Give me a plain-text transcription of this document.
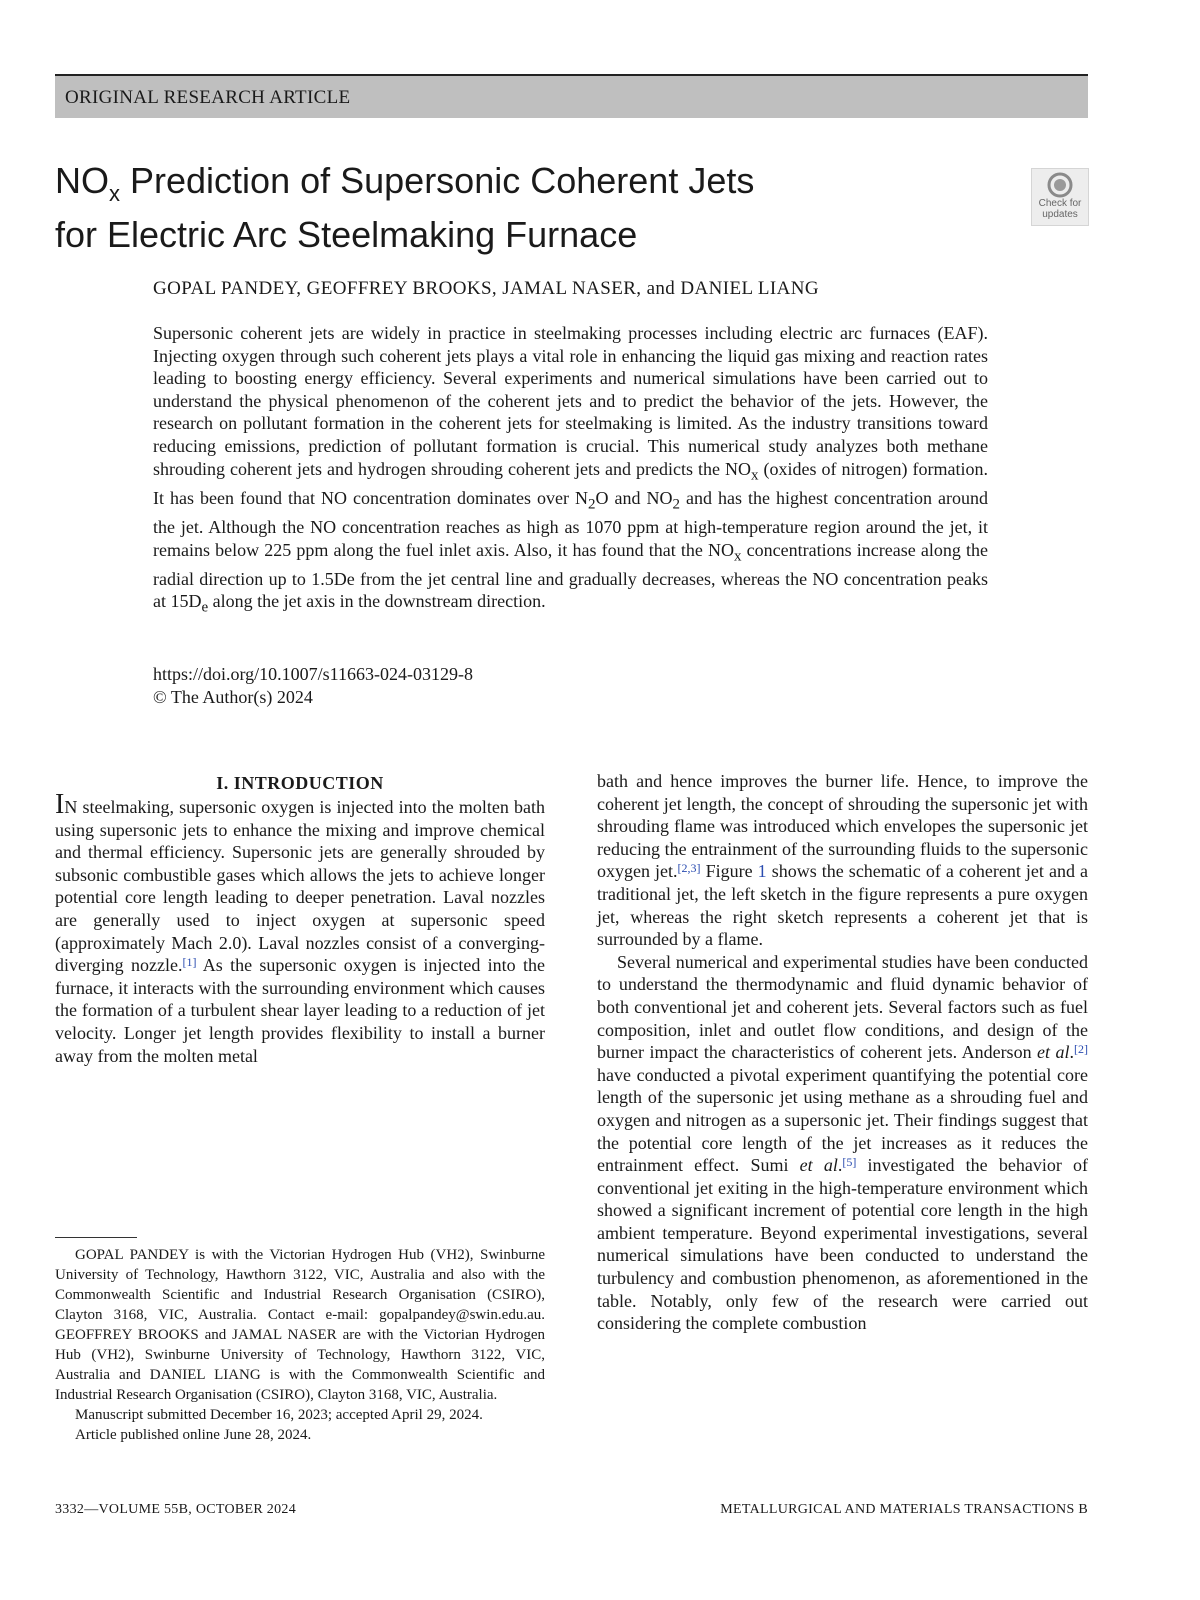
ORIGINAL RESEARCH ARTICLE
$NO_x$ Prediction of Supersonic Coherent Jets
for Electric Arc Steelmaking Furnace
Check for
updates
GOPAL PANDEY, GEOFFREY BROOKS, JAMAL NASER, and DANIEL LIANG

Supersonic coherent jets are widely in practice in steelmaking processes including electric arc furnaces (EAF). Injecting oxygen through such coherent jets plays a vital role in enhancing the liquid gas mixing and reaction rates leading to boosting energy efficiency. Several experiments and numerical simulations have been carried out to understand the physical phenomenon of the coherent jets and to predict the behavior of the jets. However, the research on pollutant formation in the coherent jets for steelmaking is limited. As the industry transitions toward reducing emissions, prediction of pollutant formation is crucial. This numerical study analyzes both methane shrouding coherent jets and hydrogen shrouding coherent jets and predicts the $NO_x$ (oxides of nitrogen) formation. It has been found that NO concentration dominates over $N_2O$ and $NO_2$ and has the highest concentration around the jet. Although the NO concentration reaches as high as 1070 ppm at high-temperature region around the jet, it remains below 225 ppm along the fuel inlet axis. Also, it has found that the $NO_x$ concentrations increase along the radial direction up to 1.5De from the jet central line and gradually decreases, whereas the NO concentration peaks at $15D_e$ along the jet axis in the downstream direction.

https://doi.org/10.1007/s11663-024-03129-8
© The Author(s) 2024
I. INTRODUCTION

IN steelmaking, supersonic oxygen is injected into the molten bath using supersonic jets to enhance the mixing and improve chemical and thermal efficiency. Supersonic jets are generally shrouded by subsonic combustible gases which allows the jets to achieve longer potential core length leading to deeper penetration. Laval nozzles are generally used to inject oxygen at supersonic speed (approximately Mach 2.0). Laval nozzles consist of a converging-diverging nozzle.[1] As the supersonic oxygen is injected into the furnace, it interacts with the surrounding environment which causes the formation of a turbulent shear layer leading to a reduction of jet velocity. Longer jet length provides flexibility to install a burner away from the molten metal

bath and hence improves the burner life. Hence, to improve the coherent jet length, the concept of shrouding the supersonic jet with shrouding flame was introduced which envelopes the supersonic jet reducing the entrainment of the surrounding fluids to the supersonic oxygen jet.[2,3] Figure 1 shows the schematic of a coherent jet and a traditional jet, the left sketch in the figure represents a pure oxygen jet, whereas the right sketch represents a coherent jet that is surrounded by a flame.

Several numerical and experimental studies have been conducted to understand the thermodynamic and fluid dynamic behavior of both conventional jet and coherent jets. Several factors such as fuel composition, inlet and outlet flow conditions, and design of the burner impact the characteristics of coherent jets. Anderson et al.[2] have conducted a pivotal experiment quantifying the potential core length of the supersonic jet using methane as a shrouding fuel and oxygen and nitrogen as a supersonic jet. Their findings suggest that the potential core length of the jet increases as it reduces the entrainment effect. Sumi et al.[5] investigated the behavior of conventional jet exiting in the high-temperature environment which showed a significant increment of potential core length in the high ambient temperature. Beyond experimental investigations, several numerical simulations have been conducted to understand the turbulency and combustion phenomenon, as aforementioned in the table. Notably, only few of the research were carried out considering the complete combustion

GOPAL PANDEY is with the Victorian Hydrogen Hub (VH2), Swinburne University of Technology, Hawthorn 3122, VIC, Australia and also with the Commonwealth Scientific and Industrial Research Organisation (CSIRO), Clayton 3168, VIC, Australia. Contact e-mail: gopalpandey@swin.edu.au. GEOFFREY BROOKS and JAMAL NASER are with the Victorian Hydrogen Hub (VH2), Swinburne University of Technology, Hawthorn 3122, VIC, Australia and DANIEL LIANG is with the Commonwealth Scientific and Industrial Research Organisation (CSIRO), Clayton 3168, VIC, Australia.

Manuscript submitted December 16, 2023; accepted April 29, 2024.

Article published online June 28, 2024.

3332—VOLUME 55B, OCTOBER 2024	METALLURGICAL AND MATERIALS TRANSACTIONS B
